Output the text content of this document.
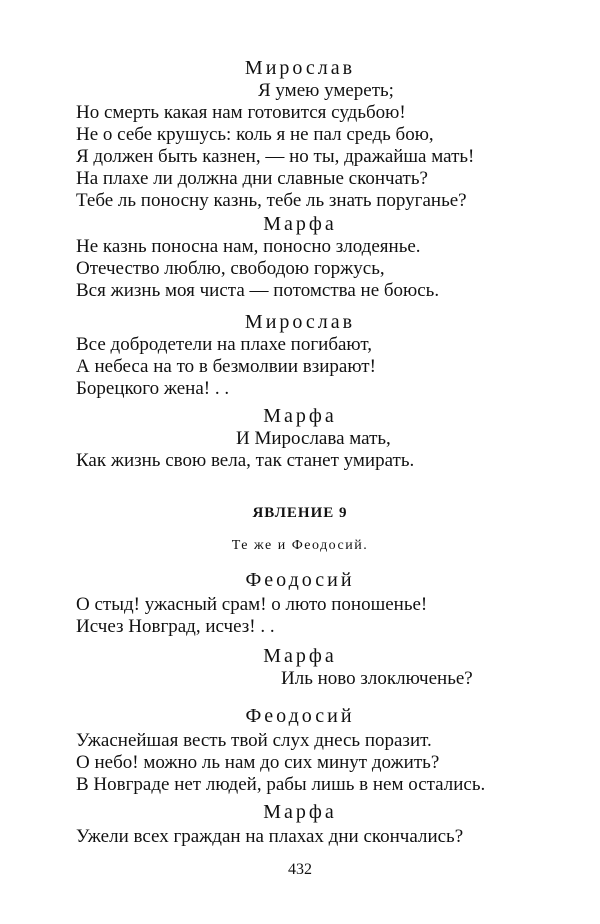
Мирослав
Я умею умереть;
Но смерть какая нам готовится судьбою!
Не о себе крушусь: коль я не пал средь бою,
Я должен быть казнен, — но ты, дражайша мать!
На плахе ли должна дни славные скончать?
Тебе ль поносну казнь, тебе ль знать поруганье?
Марфа
Не казнь поносна нам, поносно злодеянье.
Отечество люблю, свободою горжусь,
Вся жизнь моя чиста — потомства не боюсь.
Мирослав
Все добродетели на плахе погибают,
А небеса на то в безмолвии взирают!
Борецкого жена! . .
Марфа
И Мирослава мать,
Как жизнь свою вела, так станет умирать.
ЯВЛЕНИЕ 9
Те же и Феодосий.
Феодосий
О стыд! ужасный срам! о люто поношенье!
Исчез Новград, исчез! . .
Марфа
Иль ново злоключенье?
Феодосий
Ужаснейшая весть твой слух днесь поразит.
О небо! можно ль нам до сих минут дожить?
В Новграде нет людей, рабы лишь в нем остались.
Марфа
Ужели всех граждан на плахах дни скончались?
432
